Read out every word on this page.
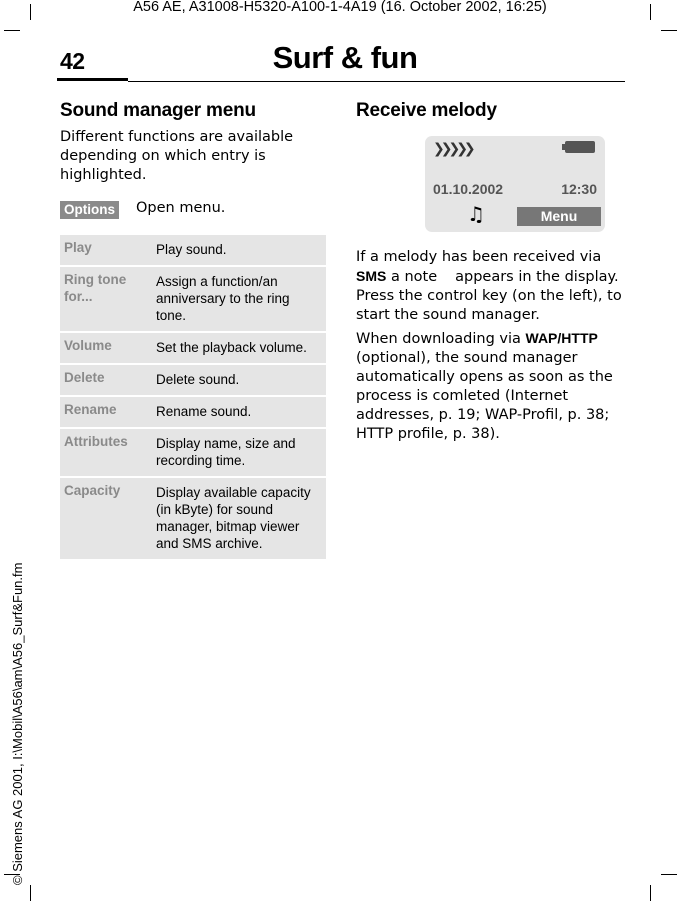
A56 AE, A31008-H5320-A100-1-4A19 (16. October 2002, 16:25)
42	Surf & fun
© Siemens AG 2001, I:\Mobil\A56\am\A56_Surf&Fun.fm
Sound manager menu

Different functions are available depending on which entry is highlighted.

Options Open menu.
Play	Play sound.
Ring tone for...	Assign a function/an anniversary to the ring tone.
Volume	Set the playback volume.
Delete	Delete sound.
Rename	Rename sound.
Attributes	Display name, size and recording time.
Capacity	Display available capacity (in kByte) for sound manager, bitmap viewer and SMS archive.
Receive melody
❯❯❯❯❯
01.10.2002	12:30
♫	Menu

If a melody has been received via SMS a note appears in the display. Press the control key (on the left), to start the sound manager.

When downloading via WAP/HTTP
(optional), the sound manager automatically opens as soon as the process is comleted (Internet addresses, p. 19; WAP-Profil, p. 38; HTTP profile, p. 38).
